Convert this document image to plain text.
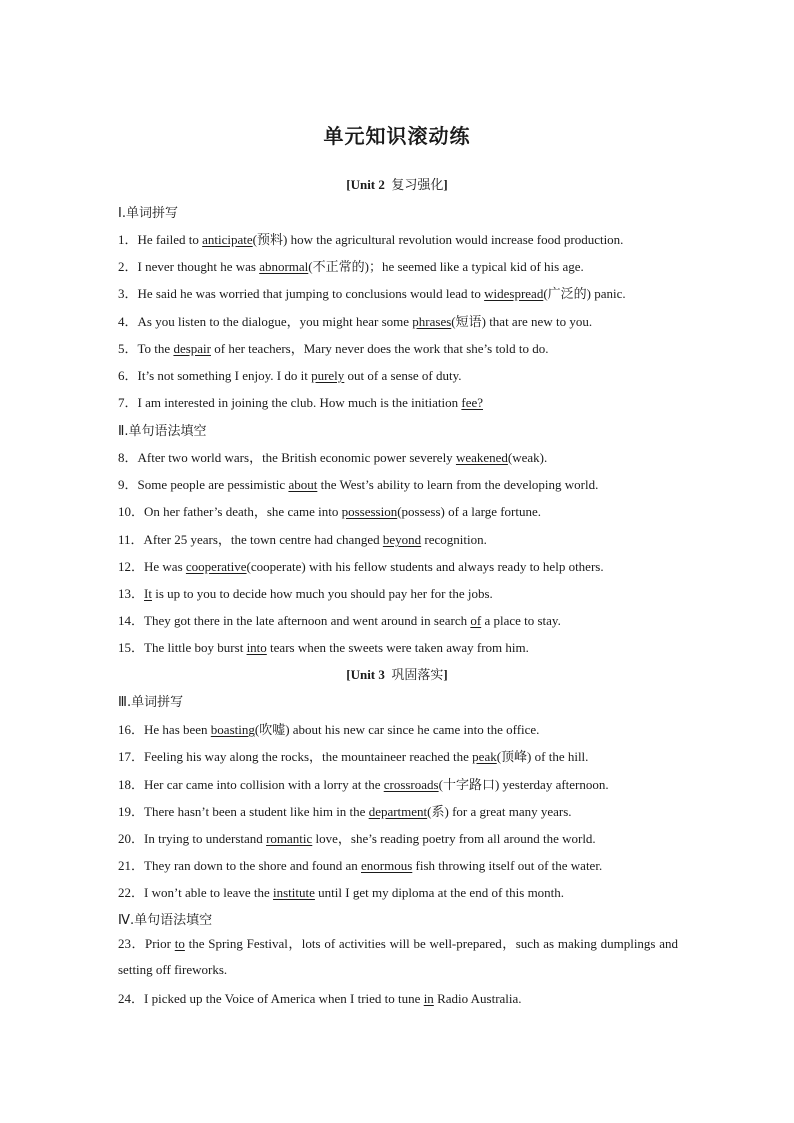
单元知识滚动练
[Unit 2 复习强化]
Ⅰ.单词拼写
Ⅱ.单句语法填空
[Unit 3 巩固落实]
Ⅲ.单词拼写
Ⅳ.单句语法填空
1．He failed to anticipate(预料) how the agricultural revolution would increase food production.
2．I never thought he was abnormal(不正常的)；he seemed like a typical kid of his age.
3．He said he was worried that jumping to conclusions would lead to widespread(广泛的) panic.
4．As you listen to the dialogue，you might hear some phrases(短语) that are new to you.
5．To the despair of her teachers，Mary never does the work that she’s told to do.
6．It’s not something I enjoy. I do it purely out of a sense of duty.
7．I am interested in joining the club. How much is the initiation fee?
8．After two world wars，the British economic power severely weakened(weak).
9．Some people are pessimistic about the West’s ability to learn from the developing world.
10．On her father’s death，she came into possession(possess) of a large fortune.
11．After 25 years，the town centre had changed beyond recognition.
12．He was cooperative(cooperate) with his fellow students and always ready to help others.
13．It is up to you to decide how much you should pay her for the jobs.
14．They got there in the late afternoon and went around in search of a place to stay.
15．The little boy burst into tears when the sweets were taken away from him.
16．He has been boasting(吹嘘) about his new car since he came into the office.
17．Feeling his way along the rocks，the mountaineer reached the peak(顶峰) of the hill.
18．Her car came into collision with a lorry at the crossroads(十字路口) yesterday afternoon.
19．There hasn’t been a student like him in the department(系) for a great many years.
20．In trying to understand romantic love，she’s reading poetry from all around the world.
21．They ran down to the shore and found an enormous fish throwing itself out of the water.
22．I won’t able to leave the institute until I get my diploma at the end of this month.
23．Prior to the Spring Festival，lots of activities will be well-prepared，such as making dumplings and setting off fireworks.
24．I picked up the Voice of America when I tried to tune in Radio Australia.
